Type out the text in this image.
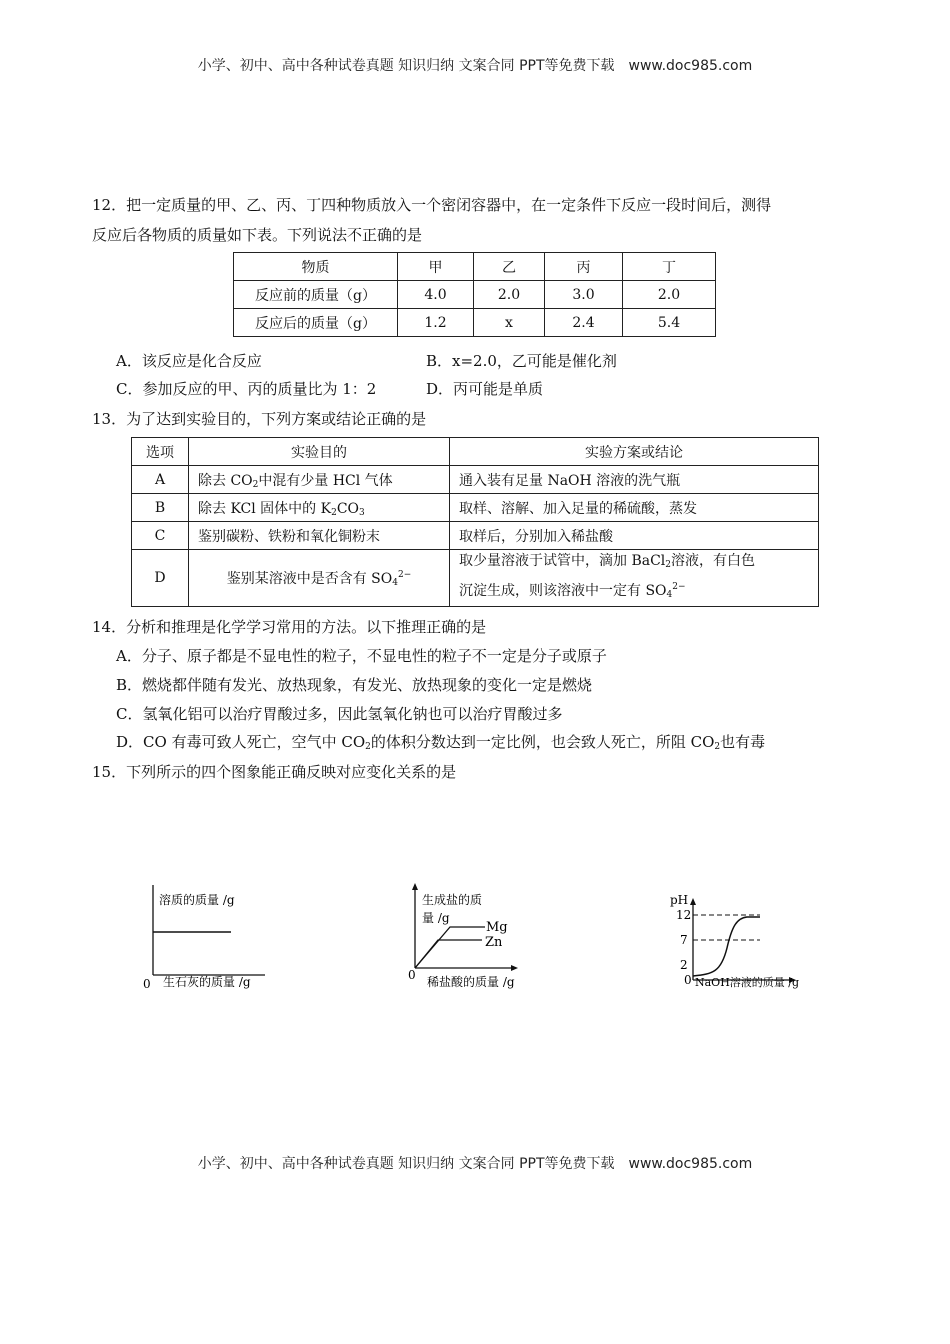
小学、初中、高中各种试卷真题 知识归纳 文案合同 PPT等免费下载 www.doc985.com
12．把一定质量的甲、乙、丙、丁四种物质放入一个密闭容器中，在一定条件下反应一段时间后，测得
反应后各物质的质量如下表。下列说法不正确的是
物质	甲	乙	丙	丁
反应前的质量（g）	4.0	2.0	3.0	2.0
反应后的质量（g）	1.2	x	2.4	5.4
A．该反应是化合反应	B．x=2.0，乙可能是催化剂
C．参加反应的甲、丙的质量比为 1：2	D．丙可能是单质
13．为了达到实验目的，下列方案或结论正确的是
选项	实验目的	实验方案或结论
A	除去 $CO_2$中混有少量 HCl 气体	通入装有足量 NaOH 溶液的洗气瓶
B	除去 KCl 固体中的 $K_2CO_3$	取样、溶解、加入足量的稀硫酸，蒸发
C	鉴别碳粉、铁粉和氧化铜粉末	取样后，分别加入稀盐酸
D	鉴别某溶液中是否含有 $SO_4^{2-}$	取少量溶液于试管中，滴加 BaCl$_2$溶液，有白色
沉淀生成，则该溶液中一定有 $SO_4^{2-}$
14．分析和推理是化学学习常用的方法。以下推理正确的是
A．分子、原子都是不显电性的粒子，不显电性的粒子不一定是分子或原子
B．燃烧都伴随有发光、放热现象，有发光、放热现象的变化一定是燃烧
C．氢氧化铝可以治疗胃酸过多，因此氢氧化钠也可以治疗胃酸过多
D．CO 有毒可致人死亡，空气中 $CO_2$的体积分数达到一定比例，也会致人死亡，所阻 $CO_2$也有毒
15．下列所示的四个图象能正确反映对应变化关系的是
溶质的质量 /g
0 生石灰的质量 /g
生成盐的质
量 /g
Mg
Zn
0 稀盐酸的质量 /g
pH
12
7
2
0 NaOH溶液的质量 /g
小学、初中、高中各种试卷真题 知识归纳 文案合同 PPT等免费下载 www.doc985.com
